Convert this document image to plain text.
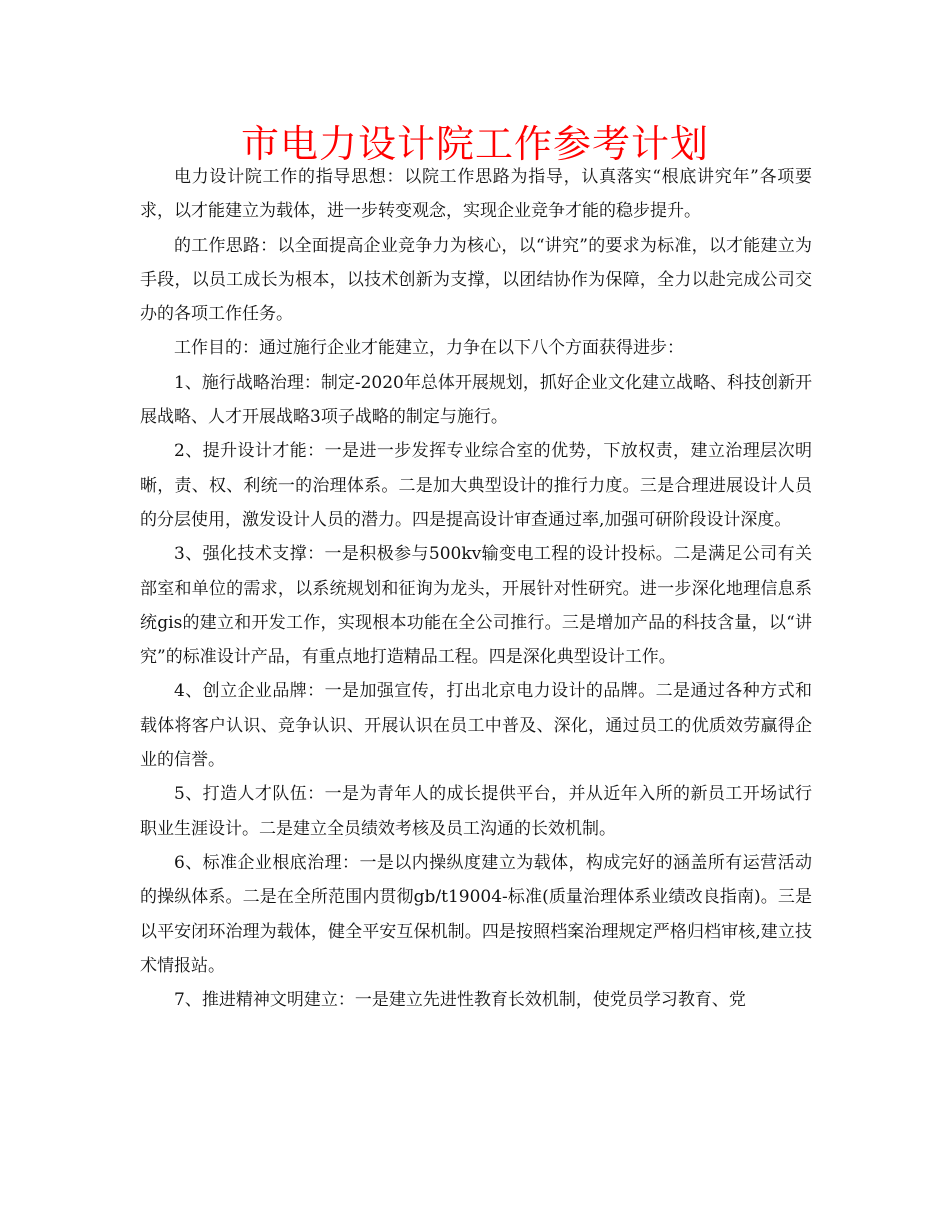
市电力设计院工作参考计划

电力设计院工作的指导思想：以院工作思路为指导，认真落实“根底讲究年”各项要求，以才能建立为载体，进一步转变观念，实现企业竞争才能的稳步提升。

的工作思路：以全面提高企业竞争力为核心，以“讲究”的要求为标准，以才能建立为手段，以员工成长为根本，以技术创新为支撑，以团结协作为保障，全力以赴完成公司交办的各项工作任务。

工作目的：通过施行企业才能建立，力争在以下八个方面获得进步：

1、施行战略治理：制定-2020年总体开展规划，抓好企业文化建立战略、科技创新开展战略、人才开展战略3项子战略的制定与施行。

2、提升设计才能：一是进一步发挥专业综合室的优势，下放权责，建立治理层次明晰，责、权、利统一的治理体系。二是加大典型设计的推行力度。三是合理进展设计人员的分层使用，激发设计人员的潜力。四是提高设计审查通过率,加强可研阶段设计深度。

3、强化技术支撑：一是积极参与500kv输变电工程的设计投标。二是满足公司有关部室和单位的需求，以系统规划和征询为龙头，开展针对性研究。进一步深化地理信息系统gis的建立和开发工作，实现根本功能在全公司推行。三是增加产品的科技含量，以“讲究”的标准设计产品，有重点地打造精品工程。四是深化典型设计工作。

4、创立企业品牌：一是加强宣传，打出北京电力设计的品牌。二是通过各种方式和载体将客户认识、竞争认识、开展认识在员工中普及、深化，通过员工的优质效劳赢得企业的信誉。

5、打造人才队伍：一是为青年人的成长提供平台，并从近年入所的新员工开场试行职业生涯设计。二是建立全员绩效考核及员工沟通的长效机制。

6、标准企业根底治理：一是以内操纵度建立为载体，构成完好的涵盖所有运营活动的操纵体系。二是在全所范围内贯彻gb/t19004-标准(质量治理体系业绩改良指南)。三是以平安闭环治理为载体，健全平安互保机制。四是按照档案治理规定严格归档审核,建立技术情报站。

7、推进精神文明建立：一是建立先进性教育长效机制，使党员学习教育、党
